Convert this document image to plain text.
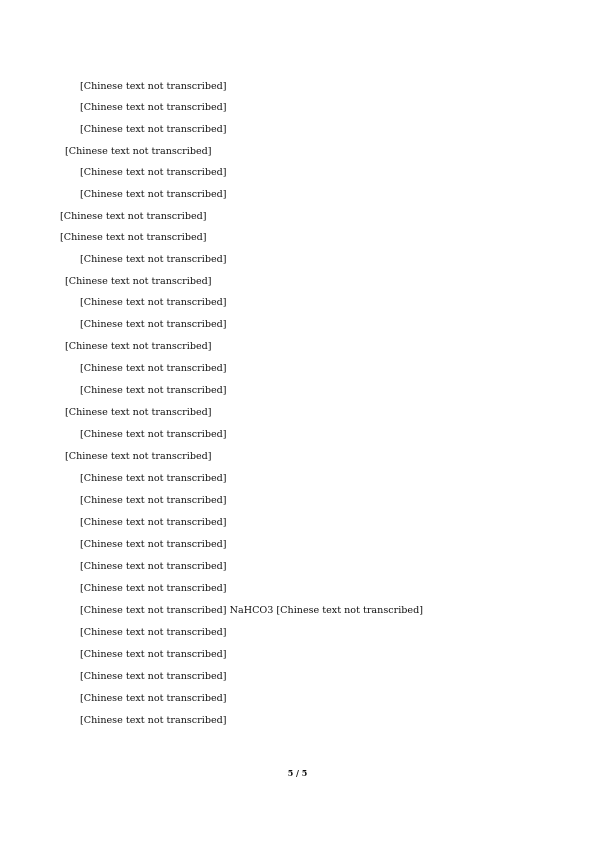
[Chinese text not transcribed]
[Chinese text not transcribed]
[Chinese text not transcribed]
[Chinese text not transcribed]
[Chinese text not transcribed]
[Chinese text not transcribed]
[Chinese text not transcribed]
[Chinese text not transcribed]
[Chinese text not transcribed]
[Chinese text not transcribed]
[Chinese text not transcribed]
[Chinese text not transcribed]
[Chinese text not transcribed]
[Chinese text not transcribed]
[Chinese text not transcribed]
[Chinese text not transcribed]
[Chinese text not transcribed]
[Chinese text not transcribed]
[Chinese text not transcribed]
[Chinese text not transcribed]
[Chinese text not transcribed]
[Chinese text not transcribed]
[Chinese text not transcribed]
[Chinese text not transcribed]
[Chinese text not transcribed] NaHCO3 [Chinese text not transcribed]
[Chinese text not transcribed]
[Chinese text not transcribed]
[Chinese text not transcribed]
[Chinese text not transcribed]
[Chinese text not transcribed]
5 / 5
